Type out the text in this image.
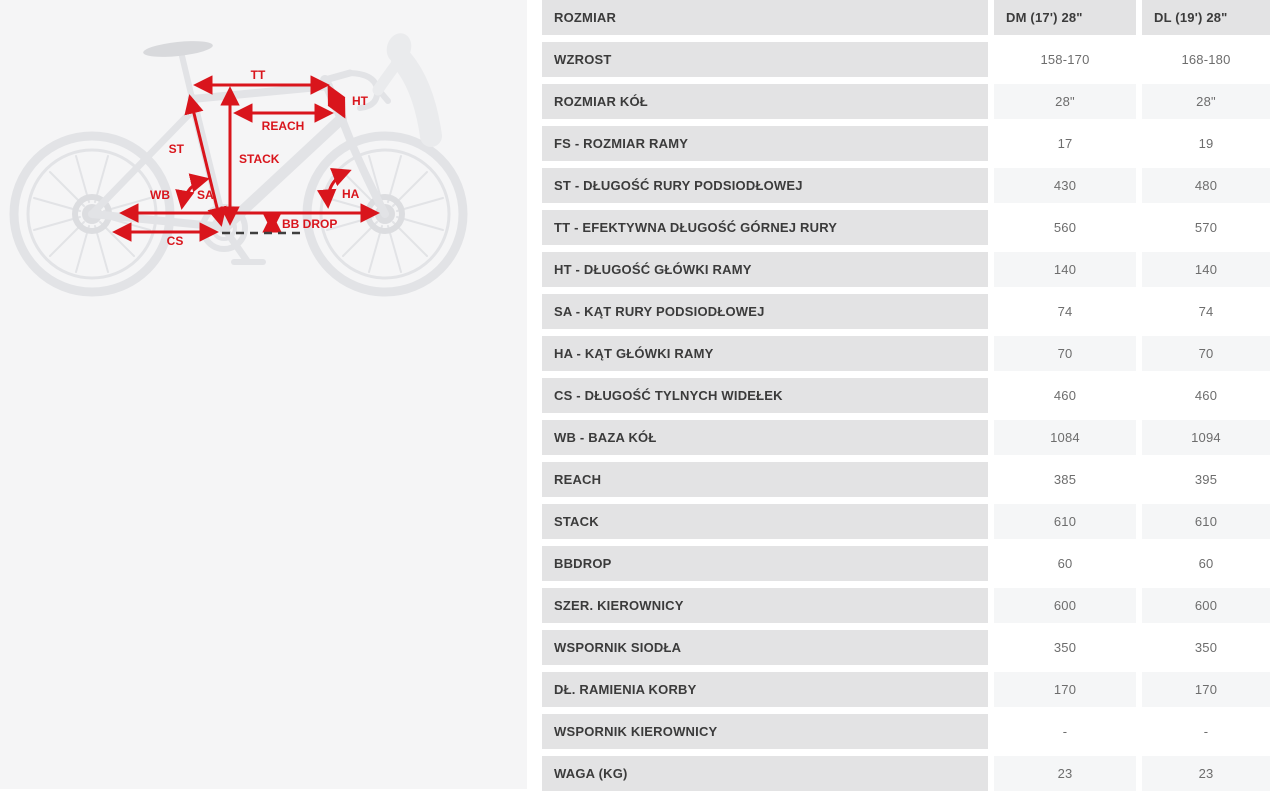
TT
REACH
HT
ST
STACK
SA	HA
WB
CS
BB DROP
ROZMIAR	DM (17') 28"	DL (19') 28"
WZROST	158-170	168-180
ROZMIAR KÓŁ	28"	28"
FS - ROZMIAR RAMY	17	19
ST - DŁUGOŚĆ RURY PODSIODŁOWEJ	430	480
TT - EFEKTYWNA DŁUGOŚĆ GÓRNEJ RURY	560	570
HT - DŁUGOŚĆ GŁÓWKI RAMY	140	140
SA - KĄT RURY PODSIODŁOWEJ	74	74
HA - KĄT GŁÓWKI RAMY	70	70
CS - DŁUGOŚĆ TYLNYCH WIDEŁEK	460	460
WB - BAZA KÓŁ	1084	1094
REACH	385	395
STACK	610	610
BBDROP	60	60
SZER. KIEROWNICY	600	600
WSPORNIK SIODŁA	350	350
DŁ. RAMIENIA KORBY	170	170
WSPORNIK KIEROWNICY	-	-
WAGA (KG)	23	23
